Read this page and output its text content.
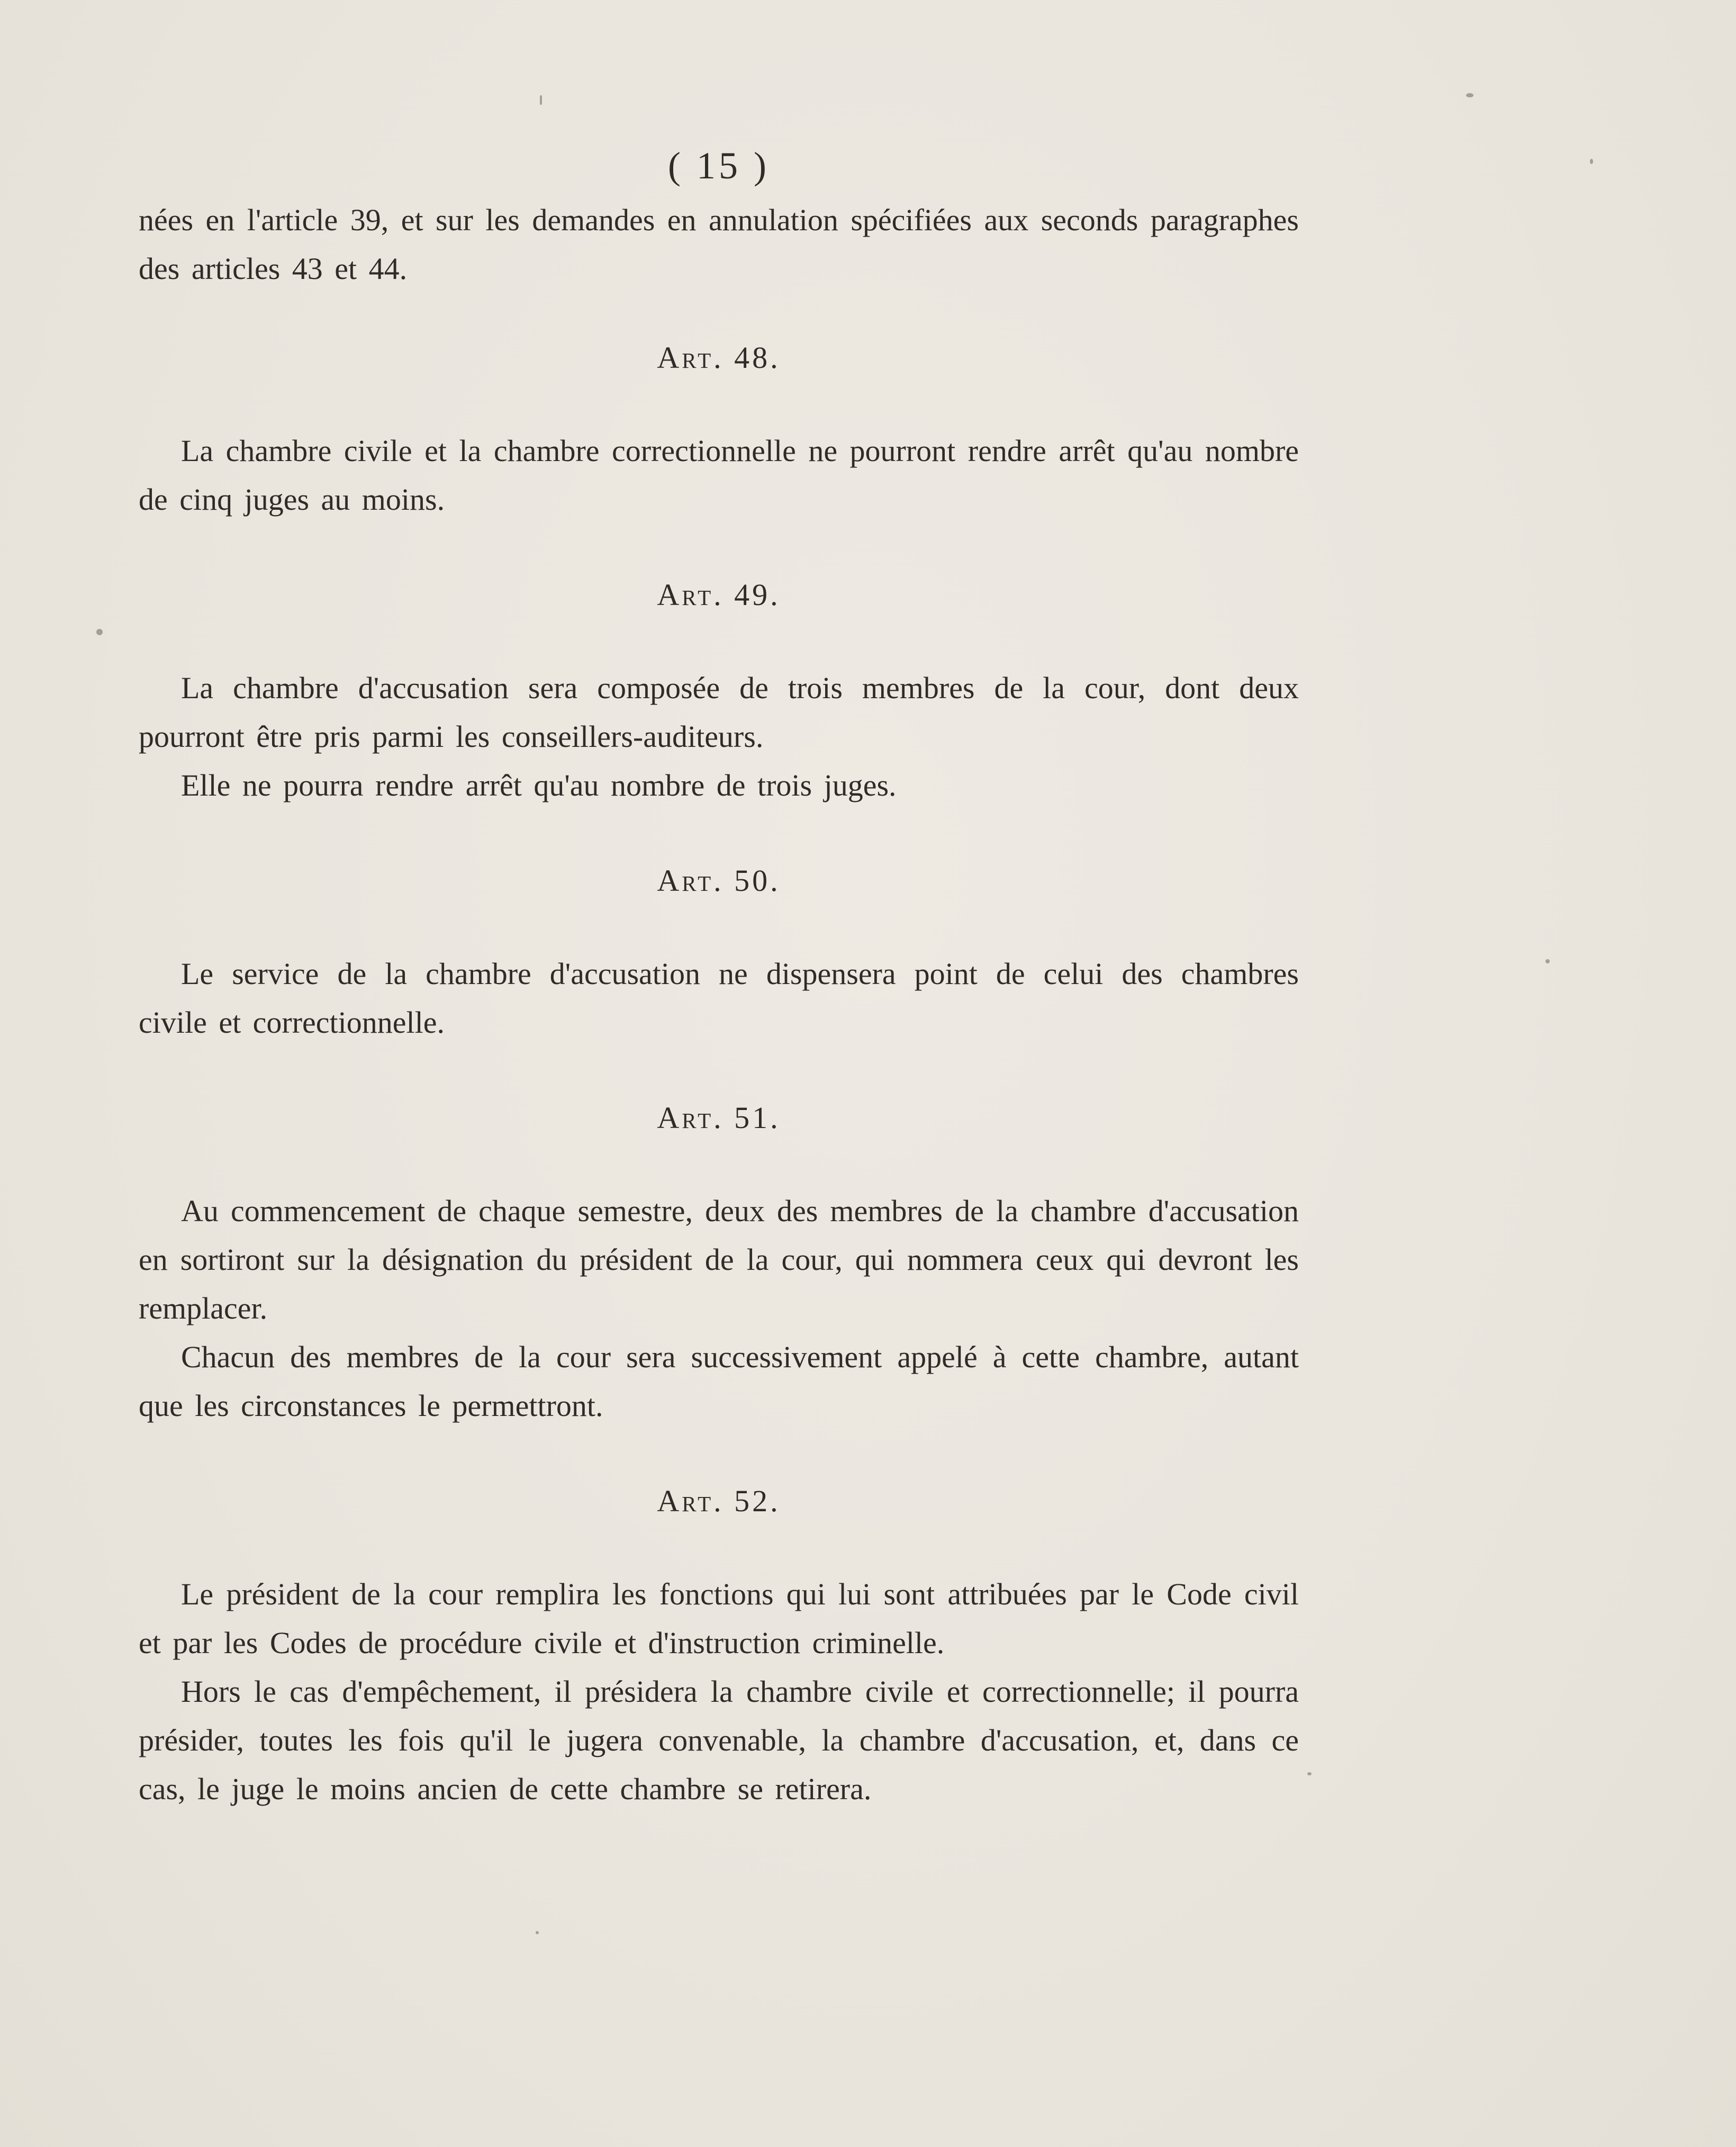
( 15 )

nées en l'article 39, et sur les demandes en annulation spécifiées aux seconds paragraphes des articles 43 et 44.

Art. 48.

La chambre civile et la chambre correctionnelle ne pourront rendre arrêt qu'au nombre de cinq juges au moins.

Art. 49.

La chambre d'accusation sera composée de trois membres de la cour, dont deux pourront être pris parmi les conseillers-auditeurs.

Elle ne pourra rendre arrêt qu'au nombre de trois juges.

Art. 50.

Le service de la chambre d'accusation ne dispensera point de celui des chambres civile et correctionnelle.

Art. 51.

Au commencement de chaque semestre, deux des membres de la chambre d'accusation en sortiront sur la désignation du président de la cour, qui nommera ceux qui devront les remplacer.

Chacun des membres de la cour sera successivement appelé à cette chambre, autant que les circonstances le permettront.

Art. 52.

Le président de la cour remplira les fonctions qui lui sont attribuées par le Code civil et par les Codes de procédure civile et d'instruction criminelle.

Hors le cas d'empêchement, il présidera la chambre civile et correctionnelle; il pourra présider, toutes les fois qu'il le jugera convenable, la chambre d'accusation, et, dans ce cas, le juge le moins ancien de cette chambre se retirera.
